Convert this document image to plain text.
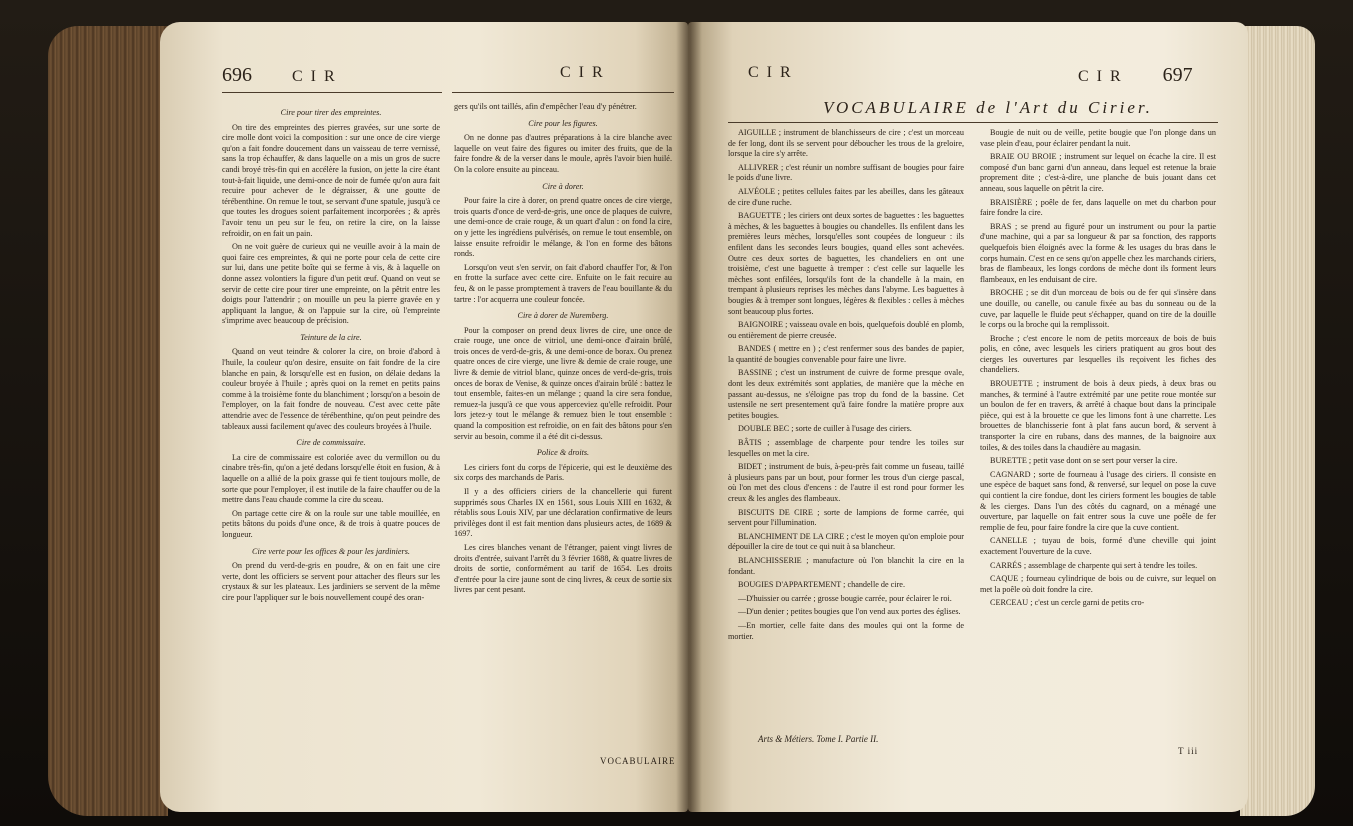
696	C I R	C I R

Cire pour tirer des empreintes.

On tire des empreintes des pierres gravées, sur une sorte de cire molle dont voici la composition : sur une once de cire vierge qu'on a fait fondre doucement dans un vaisseau de terre vernissé, sans la trop échauffer, & dans laquelle on a mis un gros de sucre candi broyé très-fin qui en accélère la fusion, on jette la cire étant tout-à-fait liquide, une demi-once de noir de fumée qu'on aura fait recuire pour achever de le dégraisser, & une goutte de térébenthine. On remue le tout, se servant d'une spatule, jusqu'à ce que toutes les drogues soient parfaitement incorporées ; & après l'avoir tenu un peu sur le feu, on retire la cire, on la laisse refroidir, on en fait un pain.

On ne voit guère de curieux qui ne veuille avoir à la main de quoi faire ces empreintes, & qui ne porte pour cela de cette cire sur lui, dans une petite boîte qui se ferme à vis, & à laquelle on donne assez volontiers la figure d'un petit œuf. Quand on veut se servir de cette cire pour tirer une empreinte, on la pêtrit entre les doigts pour l'attendrir ; on mouille un peu la pierre gravée en y appliquant la langue, & on l'appuie sur la cire, où l'empreinte s'imprime avec beaucoup de précision.

Teinture de la cire.

Quand on veut teindre & colorer la cire, on broie d'abord à l'huile, la couleur qu'on desire, ensuite on fait fondre de la cire blanche en pain, & lorsqu'elle est en fusion, on délaie dedans la couleur broyée à l'huile ; après quoi on la remet en petits pains comme à la troisième fonte du blanchiment ; lorsqu'on a besoin de l'employer, on la fait fondre de nouveau. C'est avec cette pâte attendrie avec de l'essence de térébenthine, qu'on peut peindre des tableaux aussi facilement qu'avec des couleurs broyées à l'huile.

Cire de commissaire.

La cire de commissaire est coloriée avec du vermillon ou du cinabre très-fin, qu'on a jeté dedans lorsqu'elle étoit en fusion, & à laquelle on a allié de la poix grasse qui fe tient toujours molle, de sorte que pour l'employer, il est inutile de la faire chauffer ou de la mettre dans l'eau chaude comme la cire du sceau.

On partage cette cire & on la roule sur une table mouillée, en petits bâtons du poids d'une once, & de trois à quatre pouces de longueur.

Cire verte pour les offices & pour les jardiniers.

On prend du verd-de-gris en poudre, & on en fait une cire verte, dont les officiers se servent pour attacher des fleurs sur les crystaux & sur les plateaux. Les jardiniers se servent de la même cire pour l'appliquer sur le bois nouvellement coupé des oran-

gers qu'ils ont taillés, afin d'empêcher l'eau d'y pénétrer.

Cire pour les figures.

On ne donne pas d'autres préparations à la cire blanche avec laquelle on veut faire des figures ou imiter des fruits, que de la faire fondre & de la verser dans le moule, après l'avoir bien huilé. On la colore ensuite au pinceau.

Cire à dorer.

Pour faire la cire à dorer, on prend quatre onces de cire vierge, trois quarts d'once de verd-de-gris, une once de plaques de cuivre, une demi-once de craie rouge, & un quart d'alun : on fond la cire, on y jette les ingrédiens pulvérisés, on remue le tout ensemble, on laisse ensuite refroidir le mélange, & l'on en forme des bâtons ronds.

Lorsqu'on veut s'en servir, on fait d'abord chauffer l'or, & l'on en frotte la surface avec cette cire. Enfuite on le fait recuire au feu, & on le passe promptement à travers de l'eau bouillante & du tartre : l'or acquerra une couleur foncée.

Cire à dorer de Nuremberg.

Pour la composer on prend deux livres de cire, une once de craie rouge, une once de vitriol, une demi-once d'airain brûlé, trois onces de verd-de-gris, & une demi-once de borax. Ou prenez quatre onces de cire vierge, une livre & demie de craie rouge, une livre & demie de vitriol blanc, quinze onces de verd-de-gris, trois onces de borax de Venise, & quinze onces d'airain brûlé : battez le tout ensemble, faites-en un mélange ; quand la cire sera fondue, remuez-la jusqu'à ce que vous apperceviez qu'elle refroidit. Pour lors jetez-y tout le mélange & remuez bien le tout ensemble : quand la composition est refroidie, on en fait des bâtons pour s'en servir au besoin, comme il a été dit ci-dessus.

Police & droits.

Les ciriers font du corps de l'épicerie, qui est le deuxième des six corps des marchands de Paris.

Il y a des officiers ciriers de la chancellerie qui furent supprimés sous Charles IX en 1561, sous Louis XIII en 1632, & rétablis sous Louis XIV, par une déclaration confirmative de leurs privilèges dont il est fait mention dans plusieurs actes, de 1689 & 1697.

Les cires blanches venant de l'étranger, paient vingt livres de droits d'entrée, suivant l'arrêt du 3 février 1688, & quatre livres de droits de sortie, conformément au tarif de 1654. Les droits d'entrée pour la cire jaune sont de cinq livres, & ceux de sortie six livres par cent pesant.

VOCABULAIRE
C I R	C I R 697
VOCABULAIRE de l'Art du Cirier.

AIGUILLE ; instrument de blanchisseurs de cire ; c'est un morceau de fer long, dont ils se servent pour déboucher les trous de la greloire, lorsque la cire s'y arrête.

ALLIVRER ; c'est réunir un nombre suffisant de bougies pour faire le poids d'une livre.

ALVÉOLE ; petites cellules faites par les abeilles, dans les gâteaux de cire d'une ruche.

BAGUETTE ; les ciriers ont deux sortes de baguettes : les baguettes à mèches, & les baguettes à bougies ou chandelles. Ils enfilent dans les premières leurs mèches, lorsqu'elles sont coupées de longueur : ils enfilent dans les secondes leurs bougies, quand elles sont achevées. Outre ces deux sortes de baguettes, les chandeliers en ont une troisième, c'est une baguette à tremper : c'est celle sur laquelle les mèches sont enfilées, lorsqu'ils font de la chandelle à la main, en trempant à plusieurs reprises les mèches dans l'abyme. Les baguettes à bougies & à tremper sont longues, légères & flexibles : celles à mèches sont beaucoup plus fortes.

BAIGNOIRE ; vaisseau ovale en bois, quelquefois doublé en plomb, ou entièrement de pierre creusée.

BANDES ( mettre en ) ; c'est renfermer sous des bandes de papier, la quantité de bougies convenable pour faire une livre.

BASSINE ; c'est un instrument de cuivre de forme presque ovale, dont les deux extrémités sont applaties, de manière que la mèche en passant au-dessus, ne s'éloigne pas trop du fond de la bassine. Cet ustensile ne sert presentement qu'à faire fondre la matière propre aux petites bougies.

DOUBLE BEC ; sorte de cuiller à l'usage des ciriers.

BÂTIS ; assemblage de charpente pour tendre les toiles sur lesquelles on met la cire.

BIDET ; instrument de buis, à-peu-près fait comme un fuseau, taillé à plusieurs pans par un bout, pour former les trous d'un cierge pascal, où l'on met des clous d'encens : de l'autre il est rond pour former les creux & les angles des flambeaux.

BISCUITS DE CIRE ; sorte de lampions de forme carrée, qui servent pour l'illumination.

BLANCHIMENT DE LA CIRE ; c'est le moyen qu'on emploie pour dépouiller la cire de tout ce qui nuit à sa blancheur.

BLANCHISSERIE ; manufacture où l'on blanchit la cire en la fondant.

BOUGIES D'APPARTEMENT ; chandelle de cire.

—D'huissier ou carrée ; grosse bougie carrée, pour éclairer le roi.

—D'un denier ; petites bougies que l'on vend aux portes des églises.

—En mortier, celle faite dans des moules qui ont la forme de mortier.

Arts & Métiers. Tome I. Partie II.

Bougie de nuit ou de veille, petite bougie que l'on plonge dans un vase plein d'eau, pour éclairer pendant la nuit.

BRAIE OU BROIE ; instrument sur lequel on écache la cire. Il est composé d'un banc garni d'un anneau, dans lequel est retenue la braie proprement dite ; c'est-à-dire, une planche de buis jouant dans cet anneau, sous laquelle on pêtrit la cire.

BRAISIÈRE ; poêle de fer, dans laquelle on met du charbon pour faire fondre la cire.

BRAS ; se prend au figuré pour un instrument ou pour la partie d'une machine, qui a par sa longueur & par sa fonction, des rapports quelquefois bien éloignés avec la forme & les usages du bras dans le corps humain. C'est en ce sens qu'on appelle chez les marchands ciriers, bras de flambeaux, les longs cordons de mèche dont ils forment leurs flambeaux, en les enduisant de cire.

BROCHE ; se dit d'un morceau de bois ou de fer qui s'insère dans une douille, ou canelle, ou canule fixée au bas du sonneau ou de la cuve, par laquelle le fluide peut s'échapper, quand on tire de la douille le corps ou la broche qui la remplissoit.

Broche ; c'est encore le nom de petits morceaux de bois de buis polis, en cône, avec lesquels les ciriers pratiquent au gros bout des cierges les ouvertures par lesquelles ils reçoivent les fiches des chandeliers.

BROUETTE ; instrument de bois à deux pieds, à deux bras ou manches, & terminé à l'autre extrémité par une petite roue montée sur un boulon de fer en travers, & arrêté à chaque bout dans la principale pièce, qui est à la brouette ce que les limons font à une charrette. Les brouettes de blanchisserie font à plat fans aucun bord, & servent à transporter la cire en rubans, dans des mannes, de la baignoire aux toiles, & des toiles dans la chaudière au magasin.

BURETTE ; petit vase dont on se sert pour verser la cire.

CAGNARD ; sorte de fourneau à l'usage des ciriers. Il consiste en une espèce de baquet sans fond, & renversé, sur lequel on pose la cuve qui contient la cire fondue, dont les ciriers forment les bougies de table & les cierges. Dans l'un des côtés du cagnard, on a ménagé une ouverture, par laquelle on fait entrer sous la cuve une poêle de fer remplie de feu, pour faire fondre la cire que la cuve contient.

CANELLE ; tuyau de bois, formé d'une cheville qui joint exactement l'ouverture de la cuve.

CARRÉS ; assemblage de charpente qui sert à tendre les toiles.

CAQUE ; fourneau cylindrique de bois ou de cuivre, sur lequel on met la poêle où doit fondre la cire.

CERCEAU ; c'est un cercle garni de petits cro-

T iii
